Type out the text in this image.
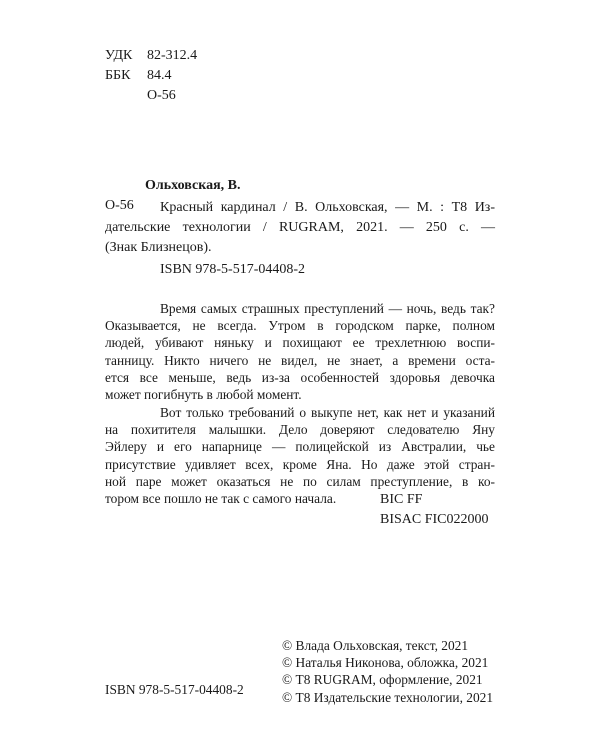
УДК 82-312.4
ББК 84.4
О-56

Ольховская, В.

О-56 Красный кардинал / В. Ольховская, — М. : Т8 Из-
дательские технологии / RUGRAM, 2021. — 250 с. —
(Знак Близнецов).

ISBN 978-5-517-04408-2

Время самых страшных преступлений — ночь, ведь так?
Оказывается, не всегда. Утром в городском парке, полном
людей, убивают няньку и похищают ее трехлетнюю воспи-
танницу. Никто ничего не видел, не знает, а времени оста-
ется все меньше, ведь из-за особенностей здоровья девочка
может погибнуть в любой момент.
Вот только требований о выкупе нет, как нет и указаний
на похитителя малышки. Дело доверяют следователю Яну
Эйлеру и его напарнице — полицейской из Австралии, чье
присутствие удивляет всех, кроме Яна. Но даже этой стран-
ной паре может оказаться не по силам преступление, в ко-
тором все пошло не так с самого начала.	BIC FF
BISAC FIC022000
© Влада Ольховская, текст, 2021
© Наталья Никонова, обложка, 2021
© Т8 RUGRAM, оформление, 2021
© Т8 Издательские технологии, 2021

ISBN 978-5-517-04408-2
